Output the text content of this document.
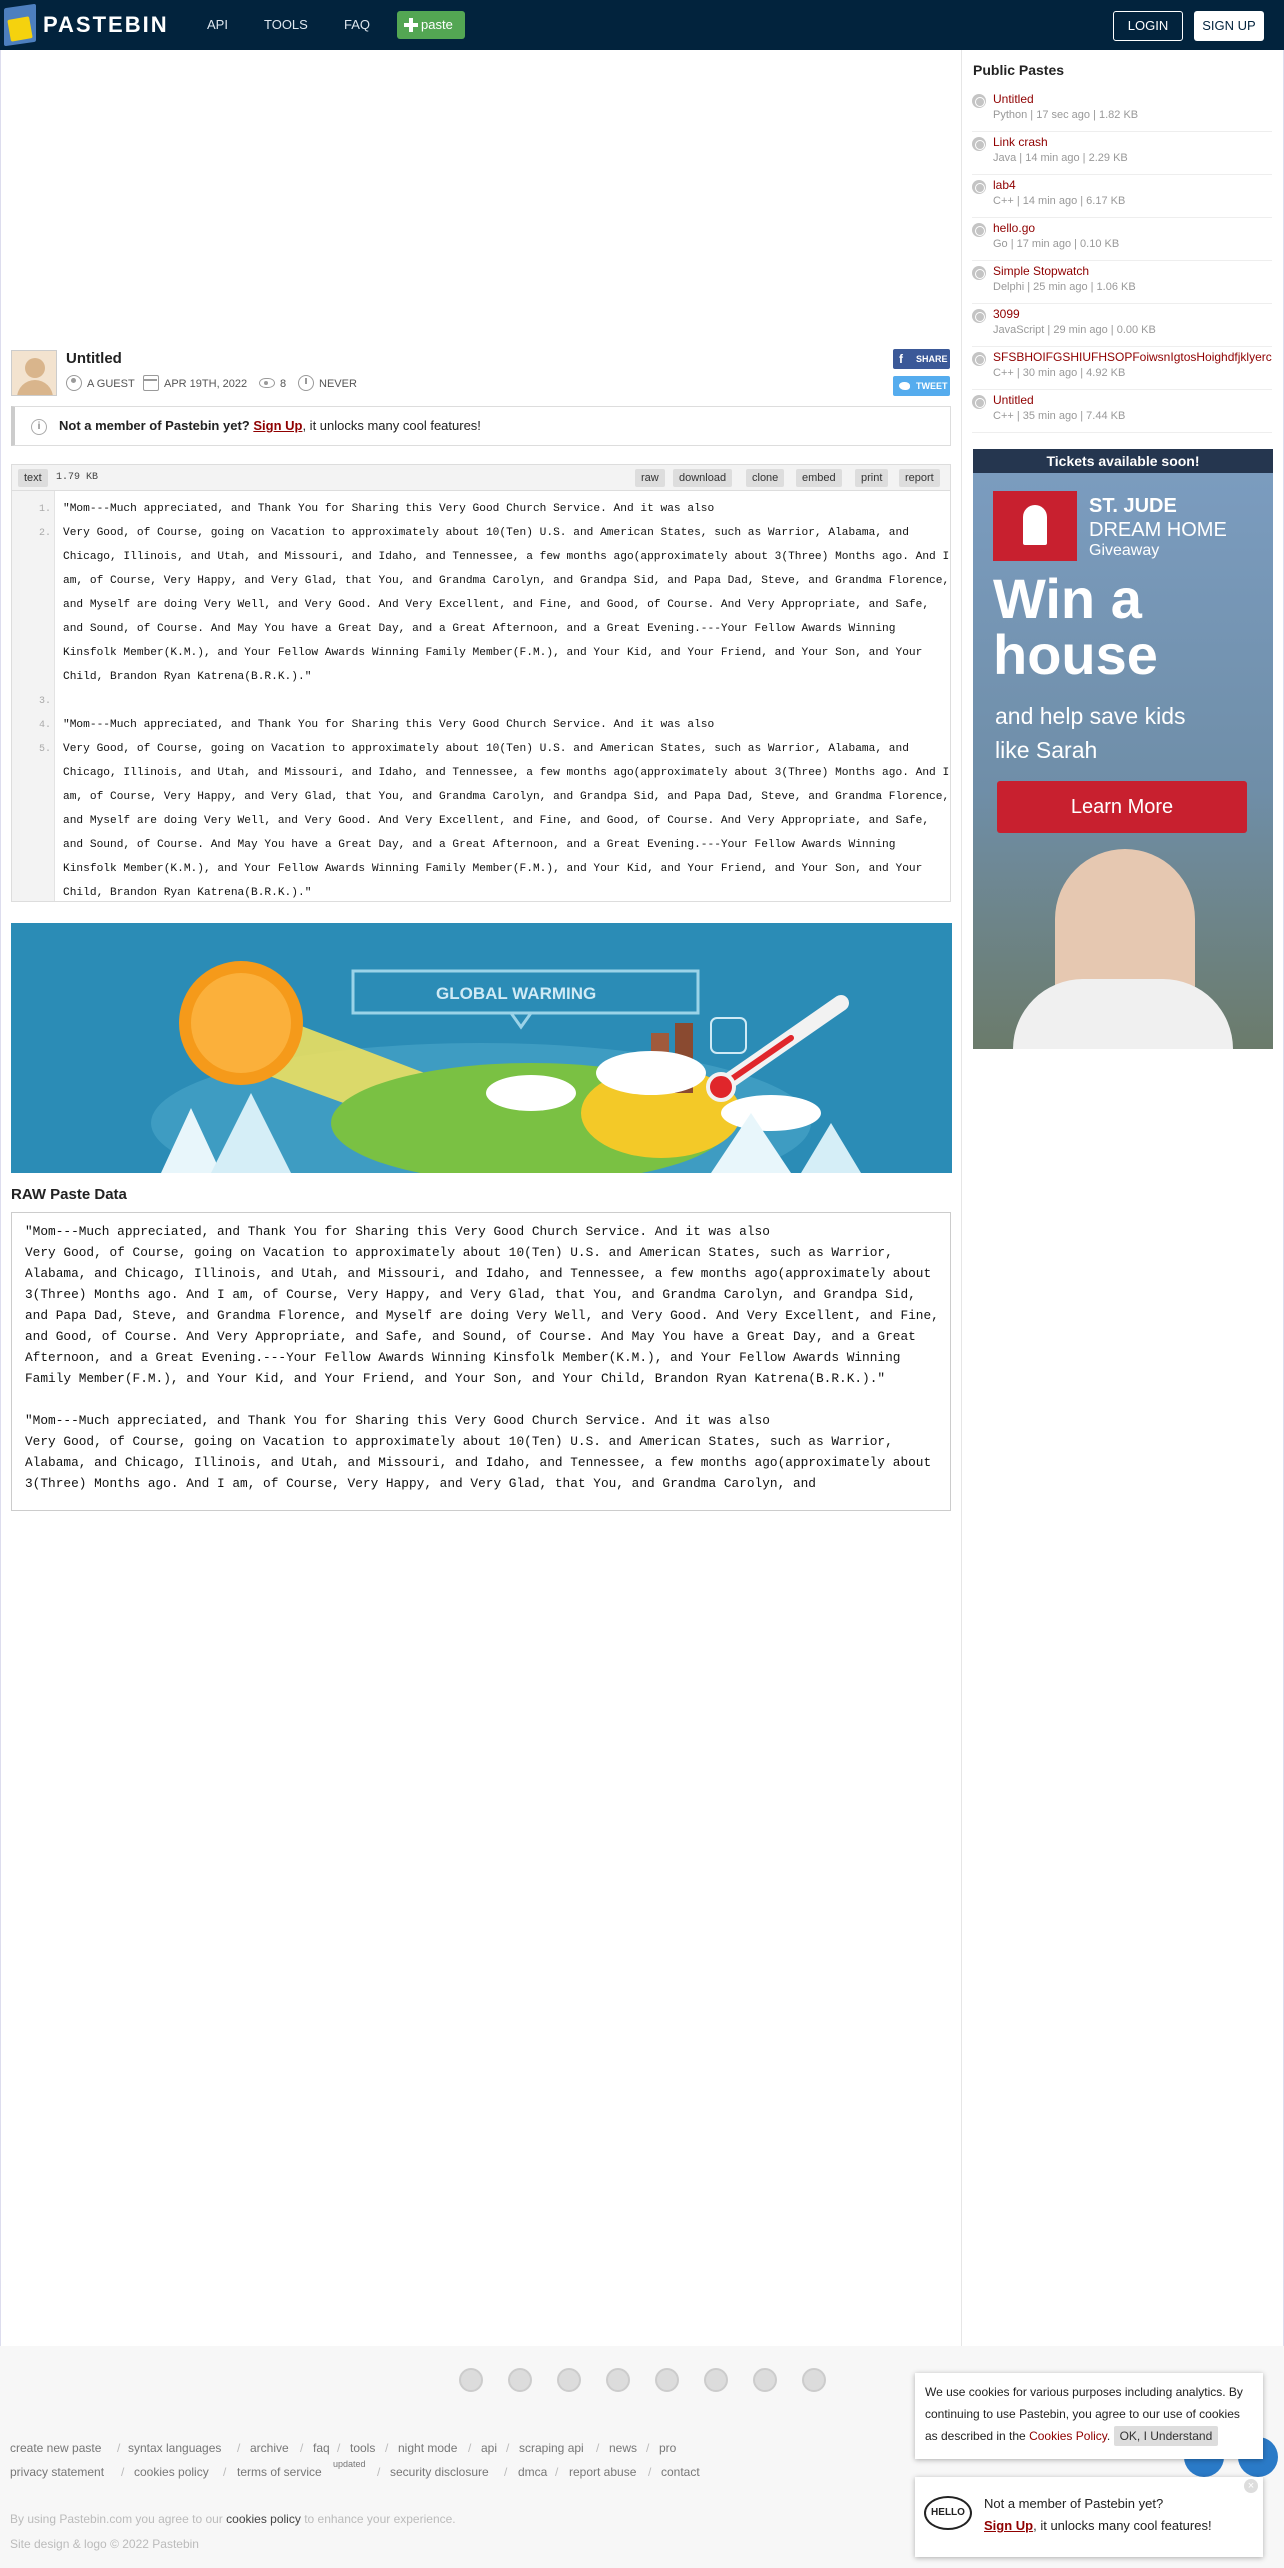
PASTEBIN	API	TOOLS	FAQ	paste	LOGIN	SIGN UP
Untitled
A GUEST	APR 19TH, 2022	8	NEVER
f	SHARE
TWEET
i	Not a member of Pastebin yet? Sign Up, it unlocks many cool features!
text	1.79 KB	raw	download	clone	embed	print	report
1.
2.
3.
4.
5.
"Mom---Much appreciated, and Thank You for Sharing this Very Good Church Service. And it was also
Very Good, of Course, going on Vacation to approximately about 10(Ten) U.S. and American States, such as Warrior, Alabama, and Chicago, Illinois, and Utah, and Missouri, and Idaho, and Tennessee, a few months ago(approximately about 3(Three) Months ago. And I am, of Course, Very Happy, and Very Glad, that You, and Grandma Carolyn, and Grandpa Sid, and Papa Dad, Steve, and Grandma Florence, and Myself are doing Very Well, and Very Good. And Very Excellent, and Fine, and Good, of Course. And Very Appropriate, and Safe, and Sound, of Course. And May You have a Great Day, and a Great Afternoon, and a Great Evening.---Your Fellow Awards Winning Kinsfolk Member(K.M.), and Your Fellow Awards Winning Family Member(F.M.), and Your Kid, and Your Friend, and Your Son, and Your Child, Brandon Ryan Katrena(B.R.K.)."
"Mom---Much appreciated, and Thank You for Sharing this Very Good Church Service. And it was also
Very Good, of Course, going on Vacation to approximately about 10(Ten) U.S. and American States, such as Warrior, Alabama, and Chicago, Illinois, and Utah, and Missouri, and Idaho, and Tennessee, a few months ago(approximately about 3(Three) Months ago. And I am, of Course, Very Happy, and Very Glad, that You, and Grandma Carolyn, and Grandpa Sid, and Papa Dad, Steve, and Grandma Florence, and Myself are doing Very Well, and Very Good. And Very Excellent, and Fine, and Good, of Course. And Very Appropriate, and Safe, and Sound, of Course. And May You have a Great Day, and a Great Afternoon, and a Great Evening.---Your Fellow Awards Winning Kinsfolk Member(K.M.), and Your Fellow Awards Winning Family Member(F.M.), and Your Kid, and Your Friend, and Your Son, and Your Child, Brandon Ryan Katrena(B.R.K.)."
GLOBAL WARMING
RAW Paste Data
"Mom---Much appreciated, and Thank You for Sharing this Very Good Church Service. And it was also
Very Good, of Course, going on Vacation to approximately about 10(Ten) U.S. and American States, such as Warrior, Alabama, and Chicago, Illinois, and Utah, and Missouri, and Idaho, and Tennessee, a few months ago(approximately about 3(Three) Months ago. And I am, of Course, Very Happy, and Very Glad, that You, and Grandma Carolyn, and Grandpa Sid, and Papa Dad, Steve, and Grandma Florence, and Myself are doing Very Well, and Very Good. And Very Excellent, and Fine, and Good, of Course. And Very Appropriate, and Safe, and Sound, of Course. And May You have a Great Day, and a Great Afternoon, and a Great Evening.---Your Fellow Awards Winning Kinsfolk Member(K.M.), and Your Fellow Awards Winning Family Member(F.M.), and Your Kid, and Your Friend, and Your Son, and Your Child, Brandon Ryan Katrena(B.R.K.)."

"Mom---Much appreciated, and Thank You for Sharing this Very Good Church Service. And it was also
Very Good, of Course, going on Vacation to approximately about 10(Ten) U.S. and American States, such as Warrior, Alabama, and Chicago, Illinois, and Utah, and Missouri, and Idaho, and Tennessee, a few months ago(approximately about 3(Three) Months ago. And I am, of Course, Very Happy, and Very Glad, that You, and Grandma Carolyn, and
Public Pastes
Untitled
Python | 17 sec ago | 1.82 KB
Link crash
Java | 14 min ago | 2.29 KB
lab4
C++ | 14 min ago | 6.17 KB
hello.go
Go | 17 min ago | 0.10 KB
Simple Stopwatch
Delphi | 25 min ago | 1.06 KB
3099
JavaScript | 29 min ago | 0.00 KB
SFSBHOIFGSHIUFHSOPFoiwsnIgtosHoighdfjklyerc
C++ | 30 min ago | 4.92 KB
Untitled
C++ | 35 min ago | 7.44 KB
Tickets available soon!
ST. JUDE
DREAM HOME
Giveaway
Win a house
and help save kids like Sarah
Learn More
create new paste / syntax languages / archive / faq / tools / night mode / api / scraping api / news / pro
privacy statement / cookies policy / terms of service
updated
/ security disclosure / dmca / report abuse / contact
By using Pastebin.com you agree to our cookies policy to enhance your experience.
Site design & logo © 2022 Pastebin
We use cookies for various purposes including analytics. By continuing to use Pastebin, you agree to our use of cookies as described in the Cookies Policy. OK, I Understand
HELLO
Not a member of Pastebin yet?
Sign Up, it unlocks many cool features!
×
